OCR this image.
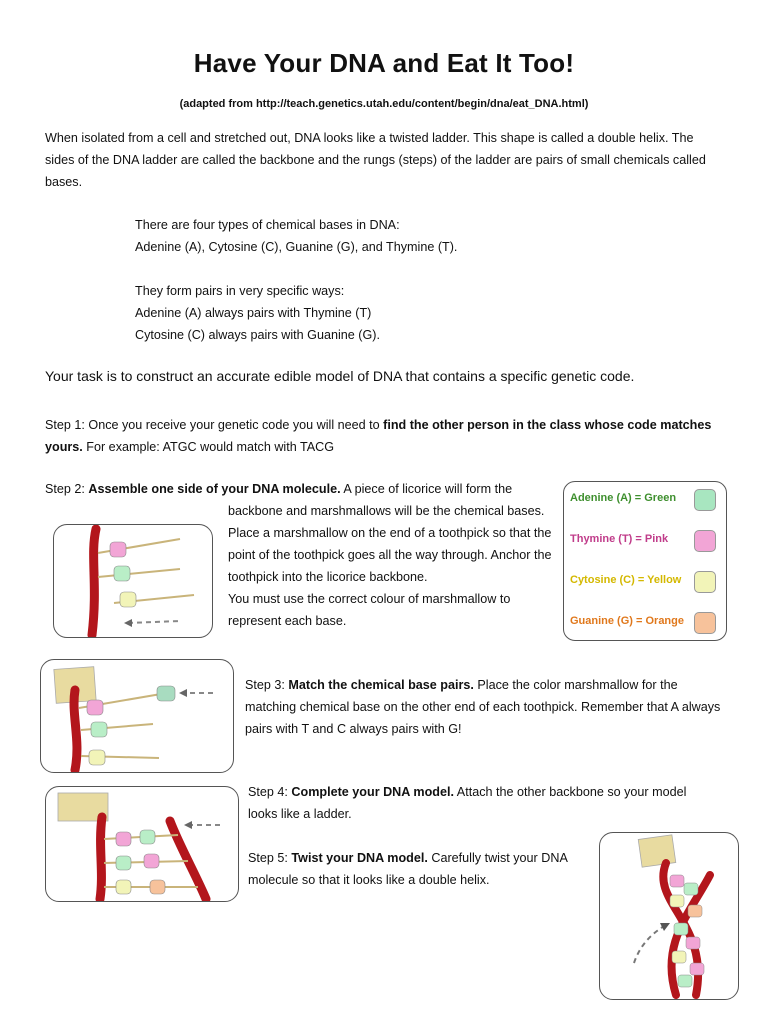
Have Your DNA and Eat It Too!
(adapted from http://teach.genetics.utah.edu/content/begin/dna/eat_DNA.html)
When isolated from a cell and stretched out, DNA looks like a twisted ladder. This shape is called a double helix. The sides of the DNA ladder are called the backbone and the rungs (steps) of the ladder are pairs of small chemicals called bases.
There are four types of chemical bases in DNA:
Adenine (A), Cytosine (C), Guanine (G), and Thymine (T).
They form pairs in very specific ways:
Adenine (A) always pairs with Thymine (T)
Cytosine (C) always pairs with Guanine (G).
Your task is to construct an accurate edible model of DNA that contains a specific genetic code.
Step 1: Once you receive your genetic code you will need to find the other person in the class whose code matches yours. For example: ATGC would match with TACG
Step 2: Assemble one side of your DNA molecule. A piece of licorice will form the
backbone and marshmallows will be the chemical bases. Place a marshmallow on the end of a toothpick so that the point of the toothpick goes all the way through. Anchor the toothpick into the licorice backbone.
You must use the correct colour of marshmallow to represent each base.
Step 3: Match the chemical base pairs. Place the color marshmallow for the matching chemical base on the other end of each toothpick. Remember that A always pairs with T and C always pairs with G!
Step 4: Complete your DNA model. Attach the other backbone so your model looks like a ladder.
Step 5: Twist your DNA model. Carefully twist your DNA molecule so that it looks like a double helix.
Adenine (A) = Green
Thymine (T) = Pink
Cytosine (C) = Yellow
Guanine (G) = Orange
